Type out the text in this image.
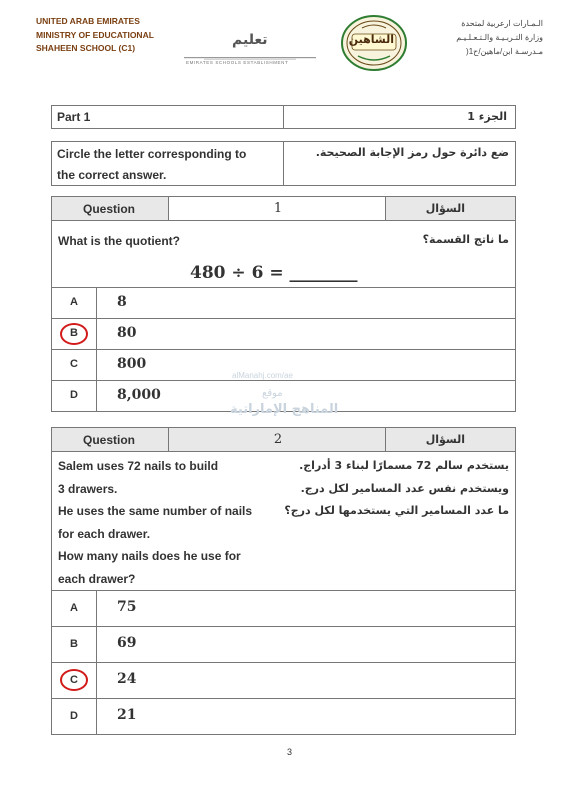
UNITED ARAB EMIRATES
MINISTRY OF EDUCATIONAL
SHAHEEN SCHOOL (C1)	تعليم
EMIRATES SCHOOLS ESTABLISHMENT
الشاهين
الـمـارات ارعربية لمتحدة
وزارة التـربـيـة والـتـعـلـيـم
مـدرسـة ابن/ماهين/ح1(
Part 1	الجزء 1
Circle the letter corresponding to
the correct answer.
ضع دائرة حول رمز الإجابة الصحيحة.
Question	1	السؤال
What is the quotient?	ما ناتج القسمة؟
480 ÷ 6 = ________
A	8
B	80
C	800
D	8,000
alManahj.com/ae
موقع
المناهج الإماراتية
Question	2	السؤال
Salem uses 72 nails to build
3 drawers.
He uses the same number of nails
for each drawer.
How many nails does he use for
each drawer?
يستخدم سالم 72 مسمارًا لبناء 3 أدراج.
ويستخدم نفس عدد المسامير لكل درج.
ما عدد المسامير التي يستخدمها لكل درج؟
A	75
B	69
C	24
D	21
3
